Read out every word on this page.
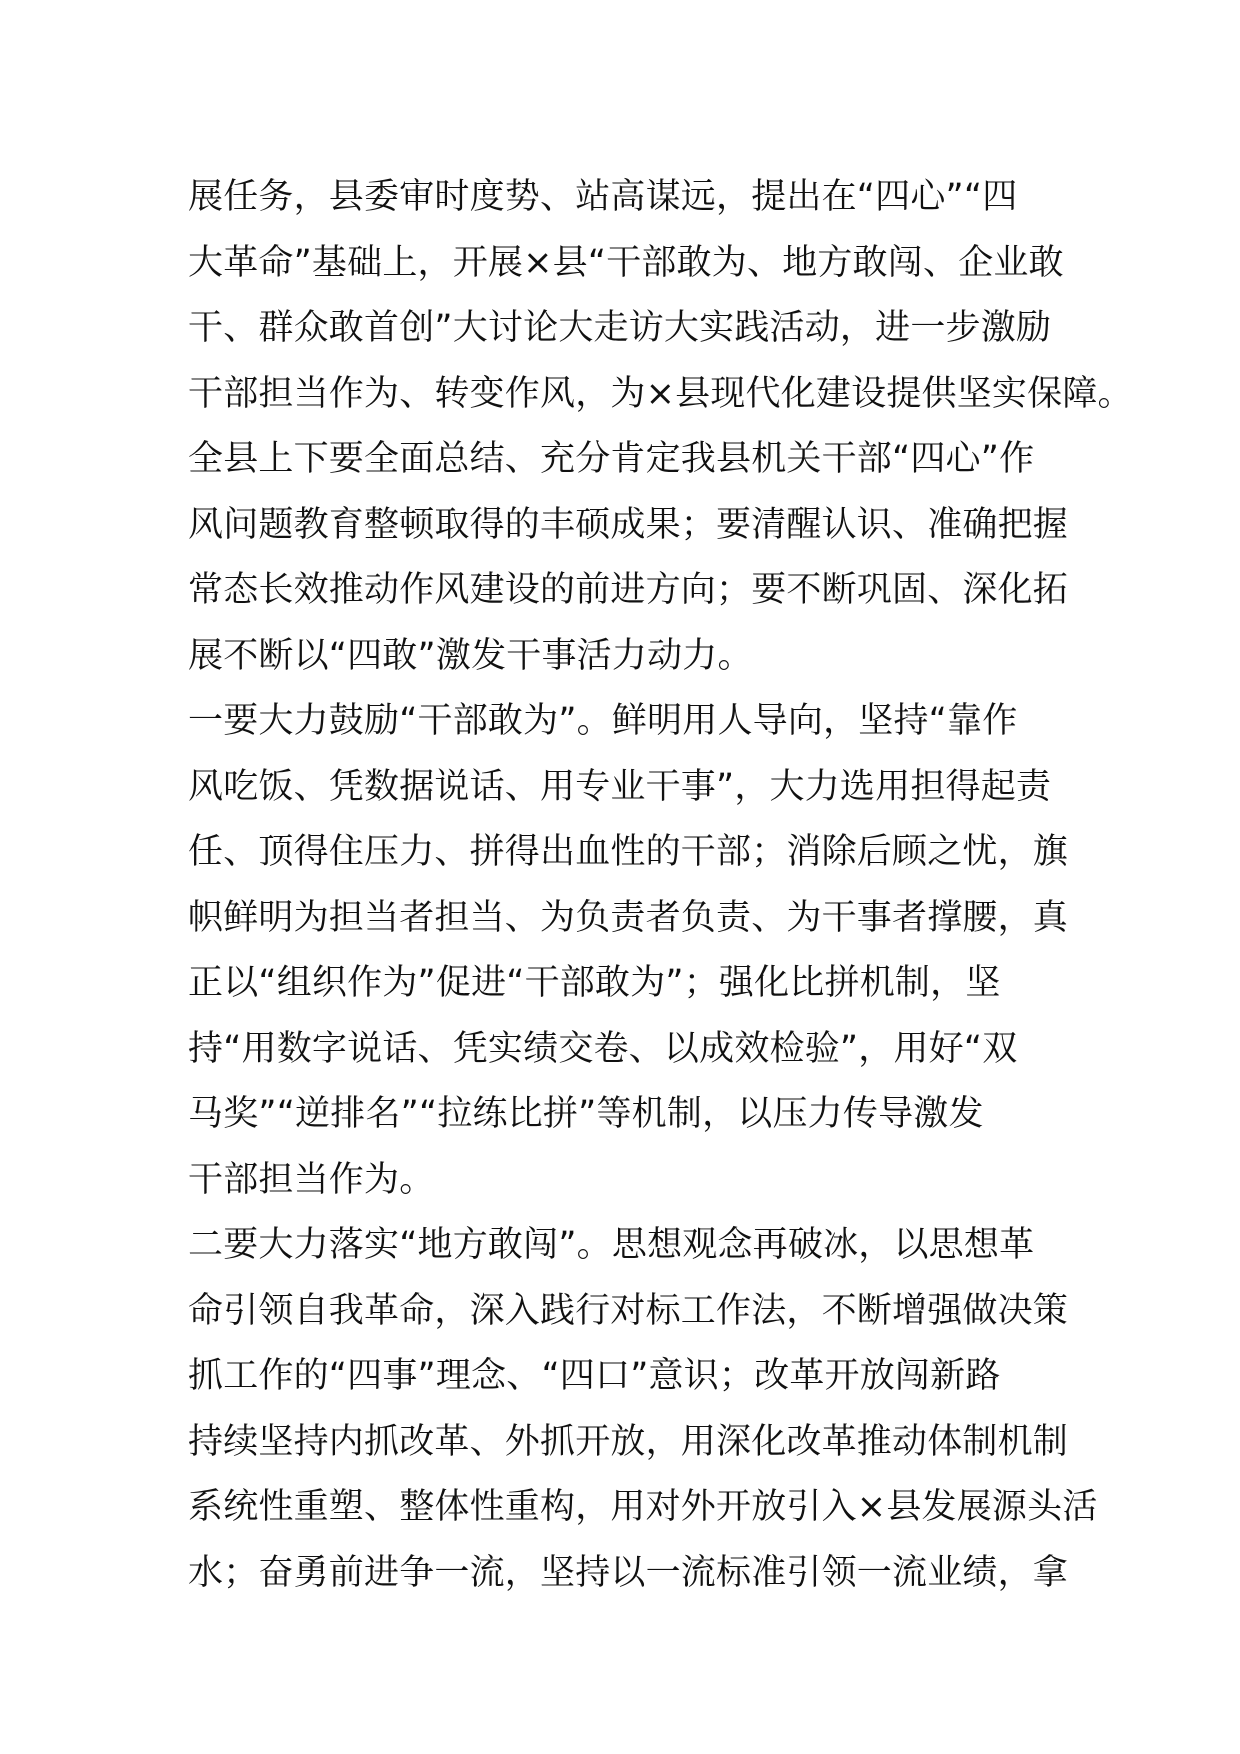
展任务，县委审时度势、站高谋远，提出在“四心”“四
大革命”基础上，开展×县“干部敢为、地方敢闯、企业敢
干、群众敢首创”大讨论大走访大实践活动，进一步激励
干部担当作为、转变作风，为×县现代化建设提供坚实保障。
全县上下要全面总结、充分肯定我县机关干部“四心”作
风问题教育整顿取得的丰硕成果；要清醒认识、准确把握
常态长效推动作风建设的前进方向；要不断巩固、深化拓
展不断以“四敢”激发干事活力动力。
一要大力鼓励“干部敢为”。鲜明用人导向，坚持“靠作
风吃饭、凭数据说话、用专业干事”，大力选用担得起责
任、顶得住压力、拼得出血性的干部；消除后顾之忧，旗
帜鲜明为担当者担当、为负责者负责、为干事者撑腰，真
正以“组织作为”促进“干部敢为”；强化比拼机制，坚
持“用数字说话、凭实绩交卷、以成效检验”，用好“双
马奖”“逆排名”“拉练比拼”等机制，以压力传导激发
干部担当作为。
二要大力落实“地方敢闯”。思想观念再破冰，以思想革
命引领自我革命，深入践行对标工作法，不断增强做决策
抓工作的“四事”理念、“四口”意识；改革开放闯新路
持续坚持内抓改革、外抓开放，用深化改革推动体制机制
系统性重塑、整体性重构，用对外开放引入×县发展源头活
水；奋勇前进争一流，坚持以一流标准引领一流业绩，拿
